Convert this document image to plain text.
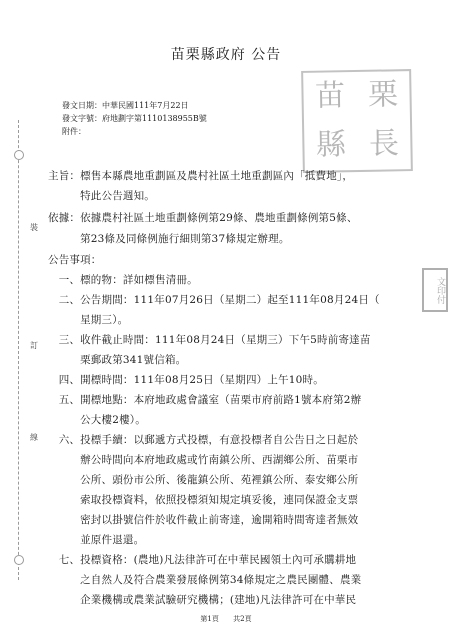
裝
訂
線
苗栗縣政府 公告
發文日期：中華民國111年7月22日
發文字號：府地劃字第1110138955B號
附件：
苗 栗
縣 長
文印付
主旨：標售本縣農地重劃區及農村社區土地重劃區內「抵費地」，
　　　特此公告週知。
依據：依據農村社區土地重劃條例第29條、農地重劃條例第5條、
　　　第23條及同條例施行細則第37條規定辦理。
公告事項：
　一、標的物：詳如標售清冊。
　二、公告期間：111年07月26日（星期二）起至111年08月24日（
　　　星期三）。
　三、收件截止時間：111年08月24日（星期三）下午5時前寄達苗
　　　栗郵政第341號信箱。
　四、開標時間：111年08月25日（星期四）上午10時。
　五、開標地點：本府地政處會議室（苗栗市府前路1號本府第2辦
　　　公大樓2樓）。
　六、投標手續：以郵遞方式投標，有意投標者自公告日之日起於
　　　辦公時間向本府地政處或竹南鎮公所、西湖鄉公所、苗栗市
　　　公所、頭份市公所、後龍鎮公所、苑裡鎮公所、泰安鄉公所
　　　索取投標資料，依照投標須知規定填妥後，連同保證金支票
　　　密封以掛號信件於收件截止前寄達，逾開箱時間寄達者無效
　　　並原件退還。
　七、投標資格：(農地)凡法律許可在中華民國領土內可承購耕地
　　　之自然人及符合農業發展條例第34條規定之農民團體、農業
　　　企業機構或農業試驗研究機構；(建地)凡法律許可在中華民
第1頁 共2頁
